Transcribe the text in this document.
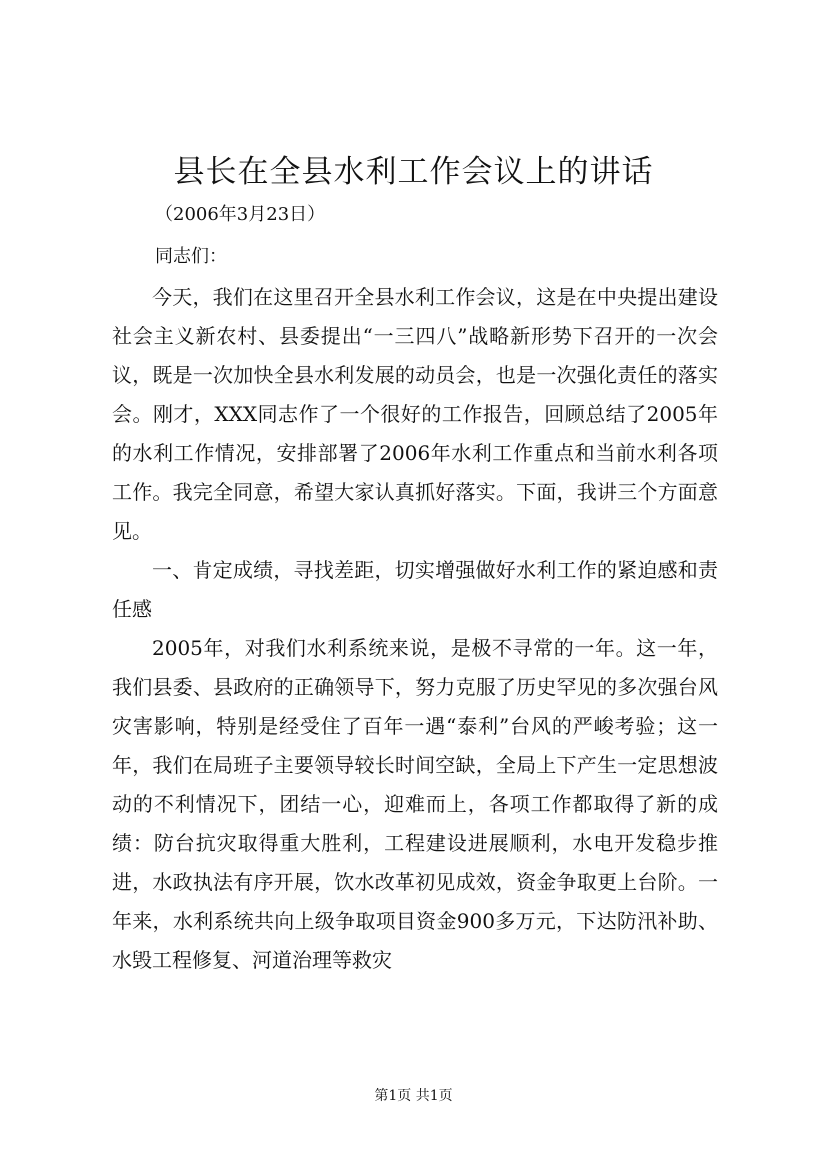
县长在全县水利工作会议上的讲话

（2006年3月23日）

同志们：

今天，我们在这里召开全县水利工作会议，这是在中央提出建设社会主义新农村、县委提出“一三四八”战略新形势下召开的一次会议，既是一次加快全县水利发展的动员会，也是一次强化责任的落实会。刚才，XXX同志作了一个很好的工作报告，回顾总结了2005年的水利工作情况，安排部署了2006年水利工作重点和当前水利各项工作。我完全同意，希望大家认真抓好落实。下面，我讲三个方面意见。

一、肯定成绩，寻找差距，切实增强做好水利工作的紧迫感和责任感

2005年，对我们水利系统来说，是极不寻常的一年。这一年，我们县委、县政府的正确领导下，努力克服了历史罕见的多次强台风灾害影响，特别是经受住了百年一遇“泰利”台风的严峻考验；这一年，我们在局班子主要领导较长时间空缺，全局上下产生一定思想波动的不利情况下，团结一心，迎难而上，各项工作都取得了新的成绩：防台抗灾取得重大胜利，工程建设进展顺利，水电开发稳步推进，水政执法有序开展，饮水改革初见成效，资金争取更上台阶。一年来，水利系统共向上级争取项目资金900多万元，下达防汛补助、水毁工程修复、河道治理等救灾

第1页 共1页
